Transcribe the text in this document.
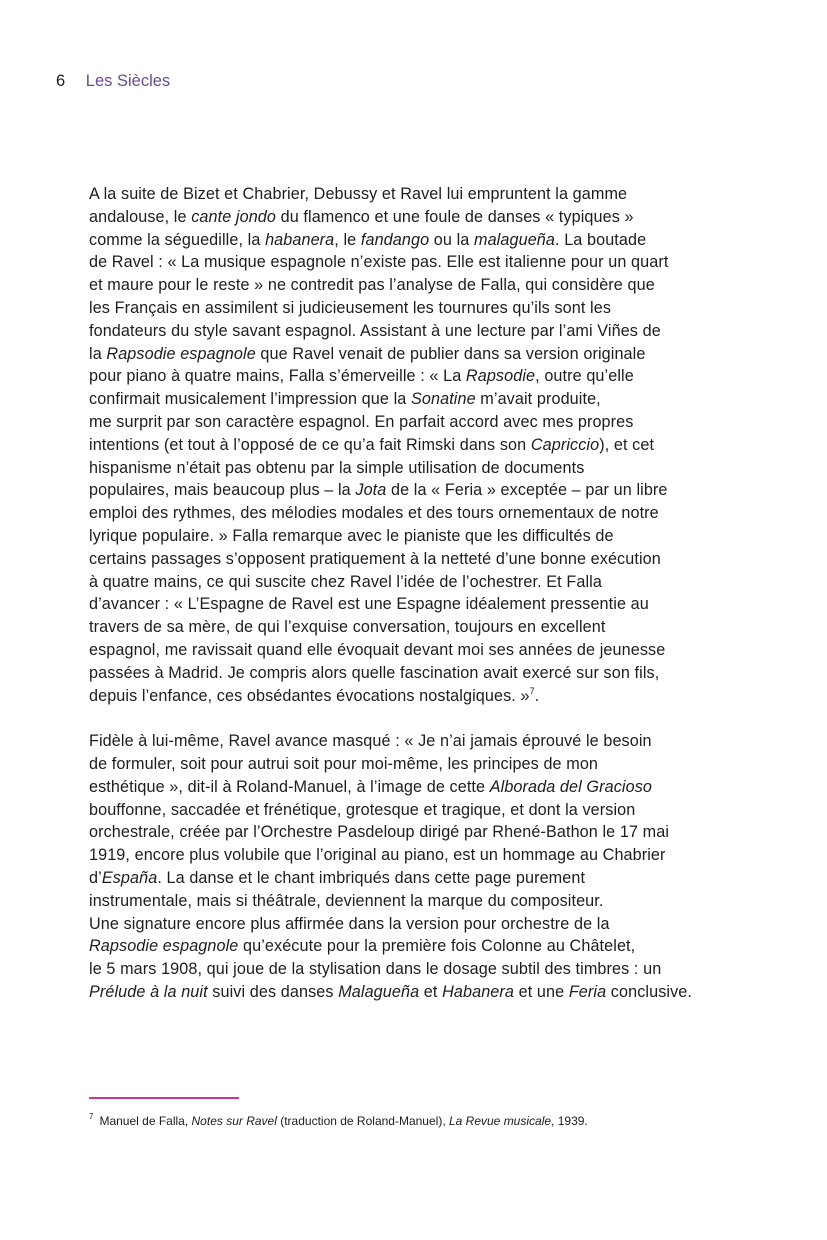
6 Les Siècles
A la suite de Bizet et Chabrier, Debussy et Ravel lui empruntent la gamme
andalouse, le cante jondo du flamenco et une foule de danses « typiques »
comme la séguedille, la habanera, le fandango ou la malagueña. La boutade
de Ravel : « La musique espagnole n’existe pas. Elle est italienne pour un quart
et maure pour le reste » ne contredit pas l’analyse de Falla, qui considère que
les Français en assimilent si judicieusement les tournures qu’ils sont les
fondateurs du style savant espagnol. Assistant à une lecture par l’ami Viñes de
la Rapsodie espagnole que Ravel venait de publier dans sa version originale
pour piano à quatre mains, Falla s’émerveille : « La Rapsodie, outre qu’elle
confirmait musicalement l’impression que la Sonatine m’avait produite,
me surprit par son caractère espagnol. En parfait accord avec mes propres
intentions (et tout à l’opposé de ce qu’a fait Rimski dans son Capriccio), et cet
hispanisme n’était pas obtenu par la simple utilisation de documents
populaires, mais beaucoup plus – la Jota de la « Feria » exceptée – par un libre
emploi des rythmes, des mélodies modales et des tours ornementaux de notre
lyrique populaire. » Falla remarque avec le pianiste que les difficultés de
certains passages s’opposent pratiquement à la netteté d’une bonne exécution
à quatre mains, ce qui suscite chez Ravel l’idée de l’ochestrer. Et Falla
d’avancer : « L’Espagne de Ravel est une Espagne idéalement pressentie au
travers de sa mère, de qui l’exquise conversation, toujours en excellent
espagnol, me ravissait quand elle évoquait devant moi ses années de jeunesse
passées à Madrid. Je compris alors quelle fascination avait exercé sur son fils,
depuis l’enfance, ces obsédantes évocations nostalgiques. »$^7$.
Fidèle à lui-même, Ravel avance masqué : « Je n’ai jamais éprouvé le besoin
de formuler, soit pour autrui soit pour moi-même, les principes de mon
esthétique », dit-il à Roland-Manuel, à l’image de cette Alborada del Gracioso
bouffonne, saccadée et frénétique, grotesque et tragique, et dont la version
orchestrale, créée par l’Orchestre Pasdeloup dirigé par Rhené-Bathon le 17 mai
1919, encore plus volubile que l’original au piano, est un hommage au Chabrier
d’España. La danse et le chant imbriqués dans cette page purement
instrumentale, mais si théâtrale, deviennent la marque du compositeur.
Une signature encore plus affirmée dans la version pour orchestre de la
Rapsodie espagnole qu’exécute pour la première fois Colonne au Châtelet,
le 5 mars 1908, qui joue de la stylisation dans le dosage subtil des timbres : un
Prélude à la nuit suivi des danses Malagueña et Habanera et une Feria conclusive.
$^7$ Manuel de Falla, Notes sur Ravel (traduction de Roland-Manuel), La Revue musicale, 1939.
